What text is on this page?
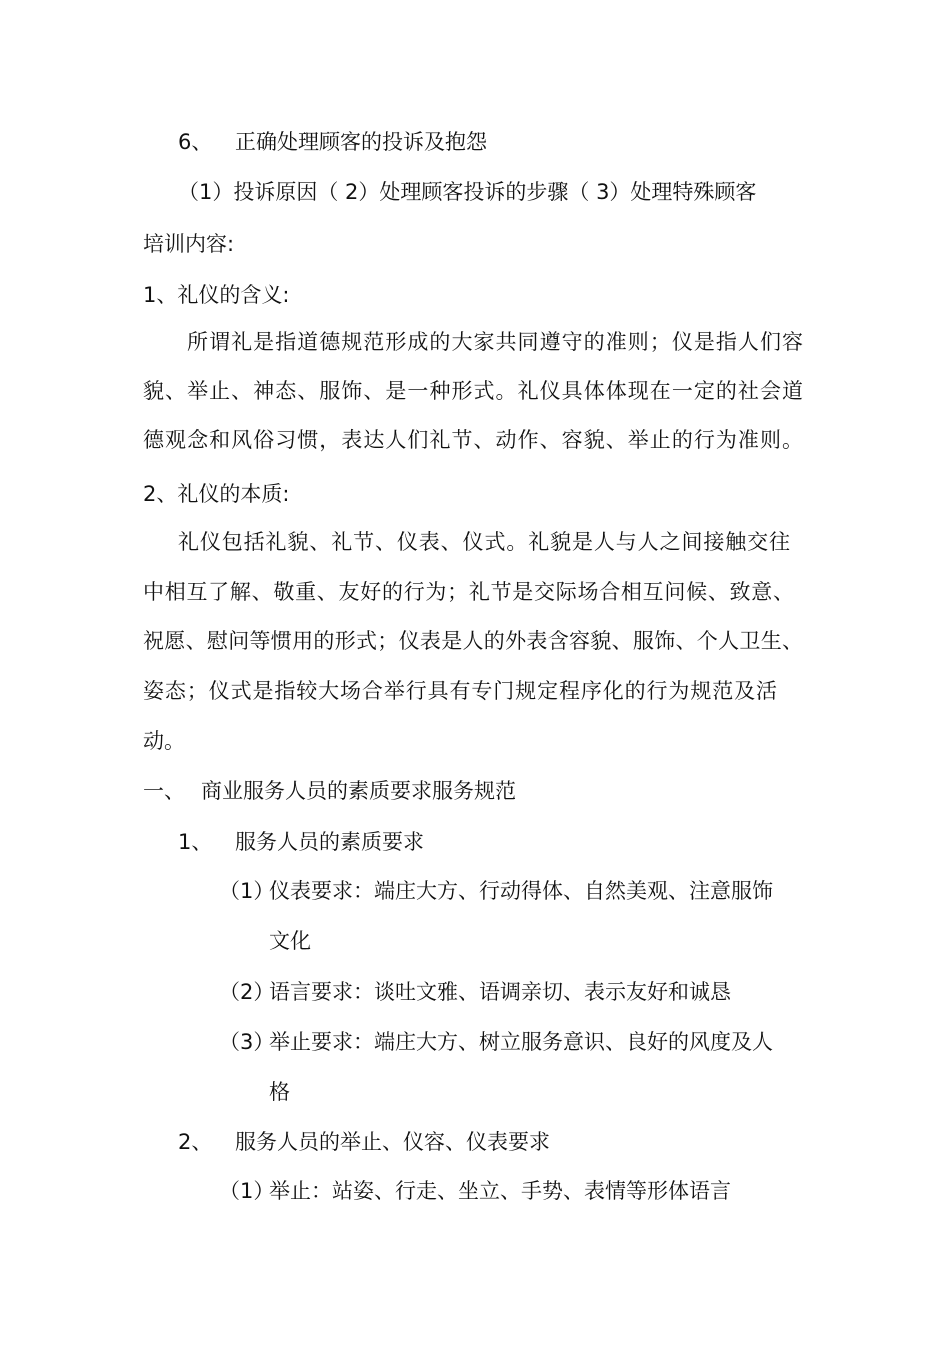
6、 正确处理顾客的投诉及抱怨
（1）投诉原因（ 2）处理顾客投诉的步骤（ 3）处理特殊顾客
培训内容:
1、礼仪的含义:
所谓礼是指道德规范形成的大家共同遵守的准则；仪是指人们容
貌、举止、神态、服饰、是一种形式。礼仪具体体现在一定的社会道
德观念和风俗习惯，表达人们礼节、动作、容貌、举止的行为准则。
2、礼仪的本质:
礼仪包括礼貌、礼节、仪表、仪式。礼貌是人与人之间接触交往
中相互了解、敬重、友好的行为；礼节是交际场合相互问候、致意、
祝愿、慰问等惯用的形式；仪表是人的外表含容貌、服饰、个人卫生、
姿态；仪式是指较大场合举行具有专门规定程序化的行为规范及活
动。
一、 商业服务人员的素质要求服务规范
1、 服务人员的素质要求
（1）仪表要求：端庄大方、行动得体、自然美观、注意服饰
文化
（2）语言要求：谈吐文雅、语调亲切、表示友好和诚恳
（3）举止要求：端庄大方、树立服务意识、良好的风度及人
格
2、 服务人员的举止、仪容、仪表要求
（1）举止：站姿、行走、坐立、手势、表情等形体语言
